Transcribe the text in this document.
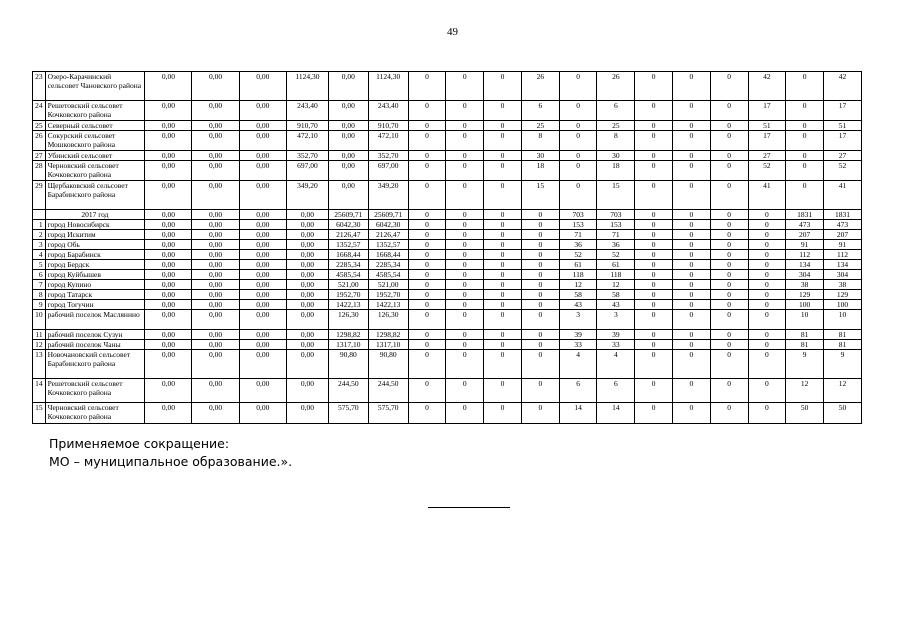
49
23	Озеро-Карачинский сельсовет Чановского района	0,00	0,00	0,00	1124,30	0,00	1124,30	0	0	0	26	0	26	0	0	0	42	0	42
24	Решетовский сельсовет Кочковского района	0,00	0,00	0,00	243,40	0,00	243,40	0	0	0	6	0	6	0	0	0	17	0	17
25	Северный сельсовет	0,00	0,00	0,00	910,70	0,00	910,70	0	0	0	25	0	25	0	0	0	51	0	51
26	Сокурский сельсовет Мошковского района	0,00	0,00	0,00	472,10	0,00	472,10	0	0	0	8	0	8	0	0	0	17	0	17
27	Убинский сельсовет	0,00	0,00	0,00	352,70	0,00	352,70	0	0	0	30	0	30	0	0	0	27	0	27
28	Черновский сельсовет Кочковского района	0,00	0,00	0,00	697,00	0,00	697,00	0	0	0	18	0	18	0	0	0	52	0	52
29	Щербаковский сельсовет Барабинского района	0,00	0,00	0,00	349,20	0,00	349,20	0	0	0	15	0	15	0	0	0	41	0	41
	2017 год	0,00	0,00	0,00	0,00	25609,71	25609,71	0	0	0	0	703	703	0	0	0	0	1831	1831
1	город Новосибирск	0,00	0,00	0,00	0,00	6042,30	6042,30	0	0	0	0	153	153	0	0	0	0	473	473
2	город Искитим	0,00	0,00	0,00	0,00	2126,47	2126,47	0	0	0	0	71	71	0	0	0	0	207	207
3	город Обь	0,00	0,00	0,00	0,00	1352,57	1352,57	0	0	0	0	36	36	0	0	0	0	91	91
4	город Барабинск	0,00	0,00	0,00	0,00	1668,44	1668,44	0	0	0	0	52	52	0	0	0	0	112	112
5	город Бердск	0,00	0,00	0,00	0,00	2285,34	2285,34	0	0	0	0	61	61	0	0	0	0	134	134
6	город Куйбышев	0,00	0,00	0,00	0,00	4585,54	4585,54	0	0	0	0	118	118	0	0	0	0	304	304
7	город Купино	0,00	0,00	0,00	0,00	521,00	521,00	0	0	0	0	12	12	0	0	0	0	38	38
8	город Татарск	0,00	0,00	0,00	0,00	1952,70	1952,70	0	0	0	0	58	58	0	0	0	0	129	129
9	город Тогучин	0,00	0,00	0,00	0,00	1422,13	1422,13	0	0	0	0	43	43	0	0	0	0	100	100
10	рабочий поселок Маслянино	0,00	0,00	0,00	0,00	126,30	126,30	0	0	0	0	3	3	0	0	0	0	10	10
11	рабочий поселок Сузун	0,00	0,00	0,00	0,00	1298,82	1298,82	0	0	0	0	39	39	0	0	0	0	81	81
12	рабочий поселок Чаны	0,00	0,00	0,00	0,00	1317,10	1317,10	0	0	0	0	33	33	0	0	0	0	81	81
13	Новочановский сельсовет Барабинского района	0,00	0,00	0,00	0,00	90,80	90,80	0	0	0	0	4	4	0	0	0	0	9	9
14	Решетовский сельсовет Кочковского района	0,00	0,00	0,00	0,00	244,50	244,50	0	0	0	0	6	6	0	0	0	0	12	12
15	Черновский сельсовет Кочковского района	0,00	0,00	0,00	0,00	575,70	575,70	0	0	0	0	14	14	0	0	0	0	50	50
Применяемое сокращение:
МО – муниципальное образование.».
